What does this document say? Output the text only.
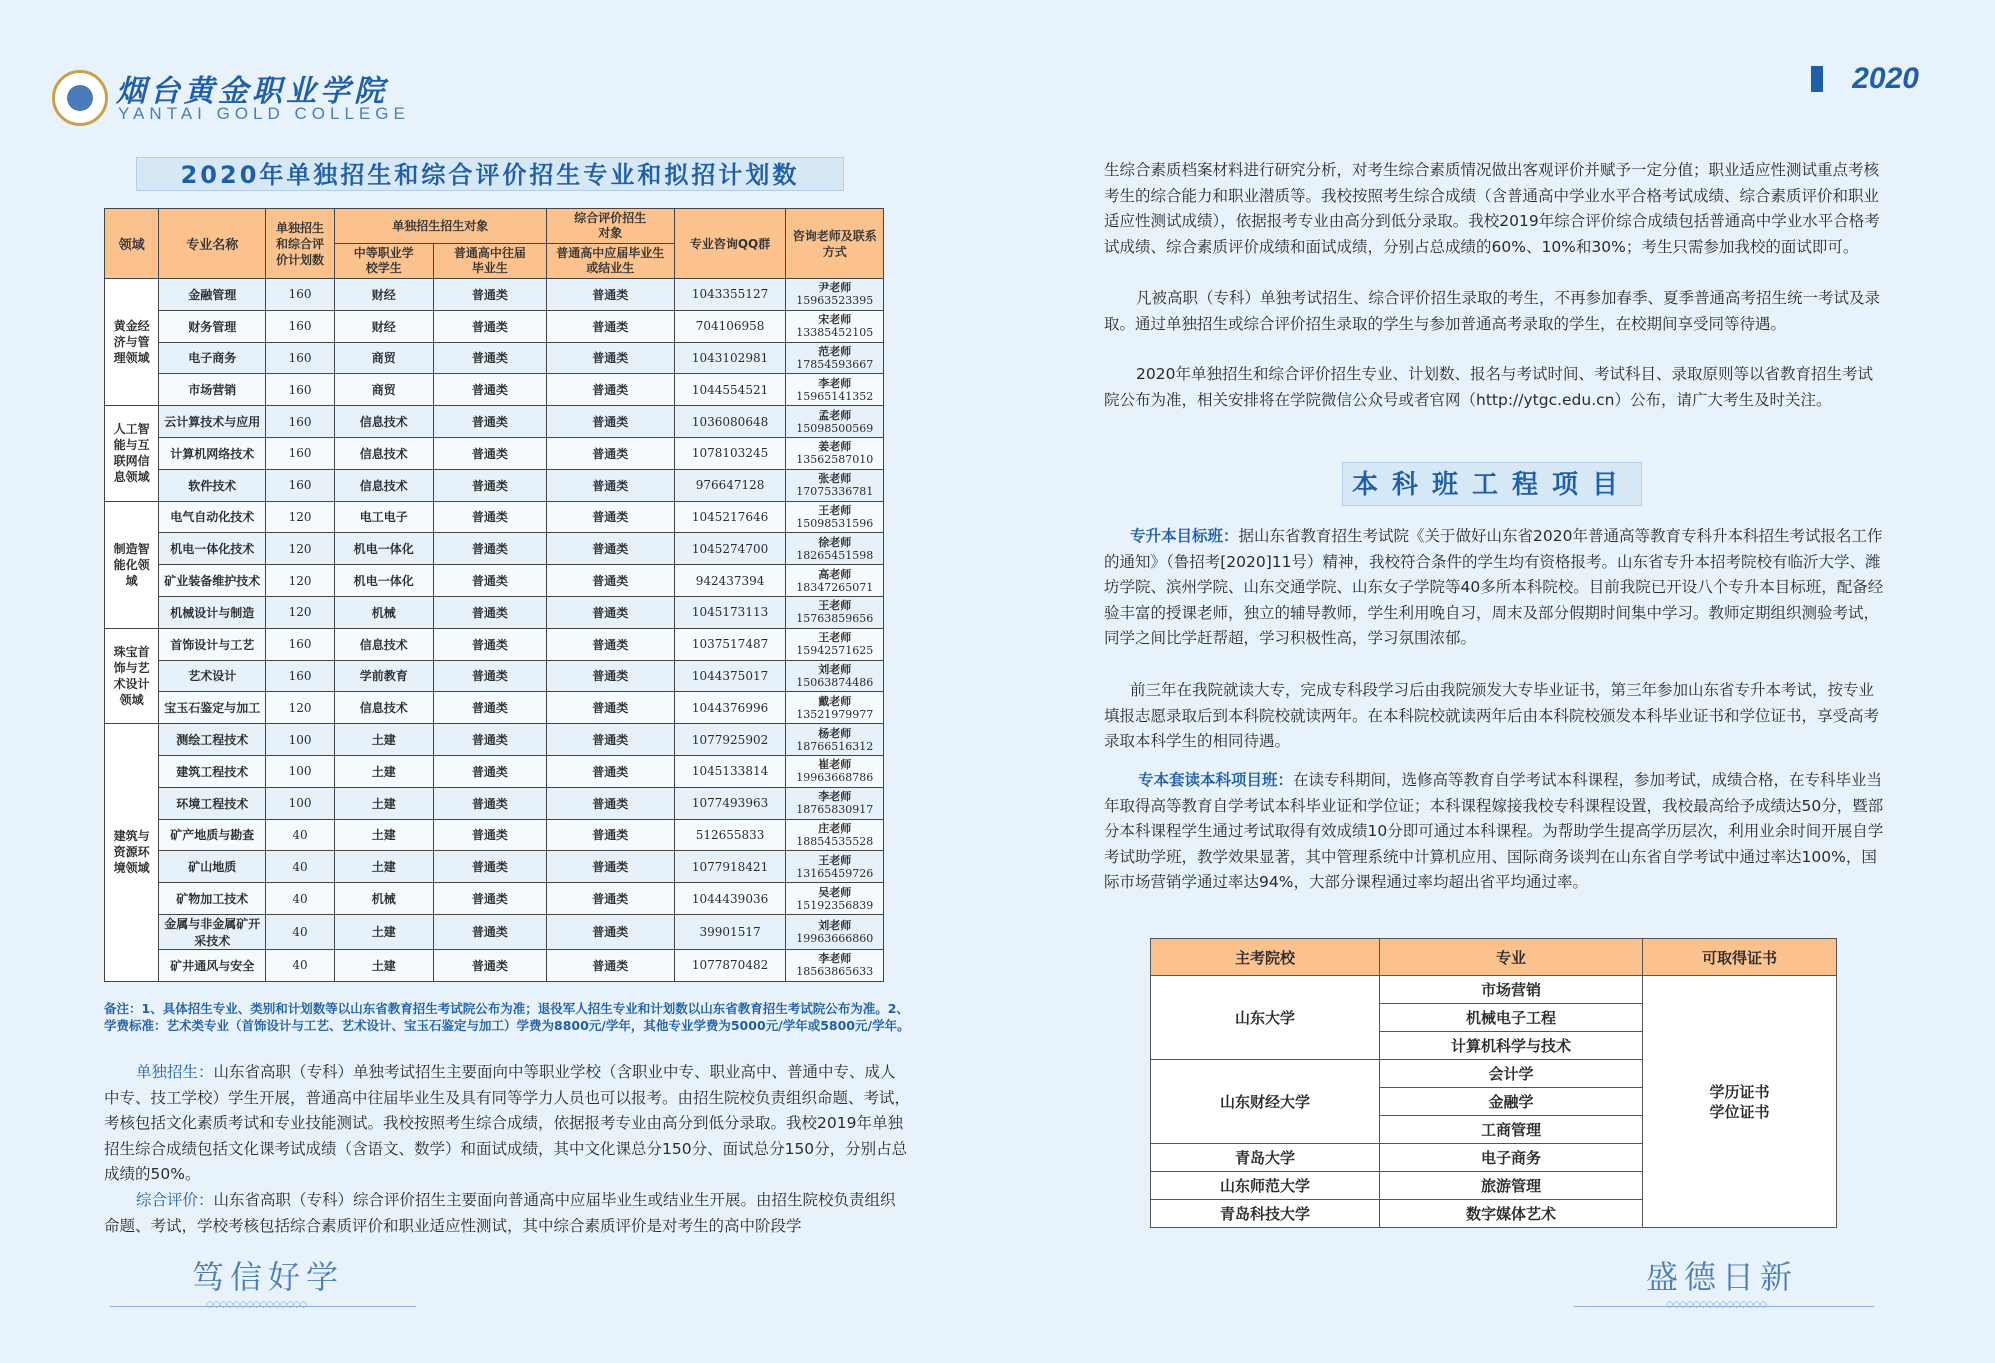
烟台黄金职业学院
YANTAI GOLD COLLEGE
2020
2020年单独招生和综合评价招生专业和拟招计划数
领域	专业名称	单独招生和综合评价计划数	单独招生招生对象		综合评价招生对象	专业咨询QQ群	咨询老师及联系方式
			中等职业学校学生	普通高中往届毕业生	普通高中应届毕业生或结业生		
黄金经济与管理领域	金融管理	160	财经	普通类	普通类	1043355127	尹老师
15963523395

	财务管理	160	财经	普通类	普通类	704106958	宋老师
13385452105

	电子商务	160	商贸	普通类	普通类	1043102981	范老师
17854593667

	市场营销	160	商贸	普通类	普通类	1044554521	李老师
15965141352

人工智能与互联网信息领域	云计算技术与应用	160	信息技术	普通类	普通类	1036080648	孟老师
15098500569

	计算机网络技术	160	信息技术	普通类	普通类	1078103245	姜老师
13562587010

	软件技术	160	信息技术	普通类	普通类	976647128	张老师
17075336781

制造智能化领域	电气自动化技术	120	电工电子	普通类	普通类	1045217646	王老师
15098531596

	机电一体化技术	120	机电一体化	普通类	普通类	1045274700	徐老师
18265451598

	矿业装备维护技术	120	机电一体化	普通类	普通类	942437394	高老师
18347265071

	机械设计与制造	120	机械	普通类	普通类	1045173113	王老师
15763859656

珠宝首饰与艺术设计领域	首饰设计与工艺	160	信息技术	普通类	普通类	1037517487	王老师
15942571625

	艺术设计	160	学前教育	普通类	普通类	1044375017	刘老师
15063874486

	宝玉石鉴定与加工	120	信息技术	普通类	普通类	1044376996	戴老师
13521979977

建筑与资源环境领域	测绘工程技术	100	土建	普通类	普通类	1077925902	杨老师
18766516312

	建筑工程技术	100	土建	普通类	普通类	1045133814	崔老师
19963668786

	环境工程技术	100	土建	普通类	普通类	1077493963	李老师
18765830917

	矿产地质与勘查	40	土建	普通类	普通类	512655833	庄老师
18854535528

	矿山地质	40	土建	普通类	普通类	1077918421	王老师
13165459726

	矿物加工技术	40	机械	普通类	普通类	1044439036	吴老师
15192356839

	金属与非金属矿开采技术	40	土建	普通类	普通类	39901517	刘老师
19963666860

	矿井通风与安全	40	土建	普通类	普通类	1077870482	李老师
18563865633
备注：1、具体招生专业、类别和计划数等以山东省教育招生考试院公布为准；退役军人招生专业和计划数以山东省教育招生考试院公布为准。2、学费标准：艺术类专业（首饰设计与工艺、艺术设计、宝玉石鉴定与加工）学费为8800元/学年，其他专业学费为5000元/学年或5800元/学年。
单独招生：山东省高职（专科）单独考试招生主要面向中等职业学校（含职业中专、职业高中、普通中专、成人中专、技工学校）学生开展，普通高中往届毕业生及具有同等学力人员也可以报考。由招生院校负责组织命题、考试，考核包括文化素质考试和专业技能测试。我校按照考生综合成绩，依据报考专业由高分到低分录取。我校2019年单独招生综合成绩包括文化课考试成绩（含语文、数学）和面试成绩，其中文化课总分150分、面试总分150分，分别占总成绩的50%。
综合评价：山东省高职（专科）综合评价招生主要面向普通高中应届毕业生或结业生开展。由招生院校负责组织命题、考试，学校考核包括综合素质评价和职业适应性测试，其中综合素质评价是对考生的高中阶段学
笃信好学
◇◇◇◇◇◇◇◇◇◇◇◇◇◇◇
生综合素质档案材料进行研究分析，对考生综合素质情况做出客观评价并赋予一定分值；职业适应性测试重点考核考生的综合能力和职业潜质等。我校按照考生综合成绩（含普通高中学业水平合格考试成绩、综合素质评价和职业适应性测试成绩），依据报考专业由高分到低分录取。我校2019年综合评价综合成绩包括普通高中学业水平合格考试成绩、综合素质评价成绩和面试成绩，分别占总成绩的60%、10%和30%；考生只需参加我校的面试即可。
凡被高职（专科）单独考试招生、综合评价招生录取的考生，不再参加春季、夏季普通高考招生统一考试及录取。通过单独招生或综合评价招生录取的学生与参加普通高考录取的学生，在校期间享受同等待遇。
2020年单独招生和综合评价招生专业、计划数、报名与考试时间、考试科目、录取原则等以省教育招生考试院公布为准，相关安排将在学院微信公众号或者官网（http://ytgc.edu.cn）公布，请广大考生及时关注。
本科班工程项目
专升本目标班：据山东省教育招生考试院《关于做好山东省2020年普通高等教育专科升本科招生考试报名工作的通知》（鲁招考[2020]11号）精神，我校符合条件的学生均有资格报考。山东省专升本招考院校有临沂大学、潍坊学院、滨州学院、山东交通学院、山东女子学院等40多所本科院校。目前我院已开设八个专升本目标班，配备经验丰富的授课老师，独立的辅导教师，学生利用晚自习，周末及部分假期时间集中学习。教师定期组织测验考试，同学之间比学赶帮超，学习积极性高，学习氛围浓郁。
前三年在我院就读大专，完成专科段学习后由我院颁发大专毕业证书，第三年参加山东省专升本考试，按专业填报志愿录取后到本科院校就读两年。在本科院校就读两年后由本科院校颁发本科毕业证书和学位证书，享受高考录取本科学生的相同待遇。
专本套读本科项目班：在读专科期间，选修高等教育自学考试本科课程，参加考试，成绩合格，在专科毕业当年取得高等教育自学考试本科毕业证和学位证；本科课程嫁接我校专科课程设置，我校最高给予成绩达50分，暨部分本科课程学生通过考试取得有效成绩10分即可通过本科课程。为帮助学生提高学历层次，利用业余时间开展自学考试助学班，教学效果显著，其中管理系统中计算机应用、国际商务谈判在山东省自学考试中通过率达100%，国际市场营销学通过率达94%，大部分课程通过率均超出省平均通过率。
主考院校	专业	可取得证书
山东大学	市场营销	学历证书
学位证书
	机械电子工程	
	计算机科学与技术	
山东财经大学	会计学	
	金融学	
	工商管理	
青岛大学	电子商务	
山东师范大学	旅游管理	
青岛科技大学	数字媒体艺术	
盛德日新
◇◇◇◇◇◇◇◇◇◇◇◇◇◇◇
